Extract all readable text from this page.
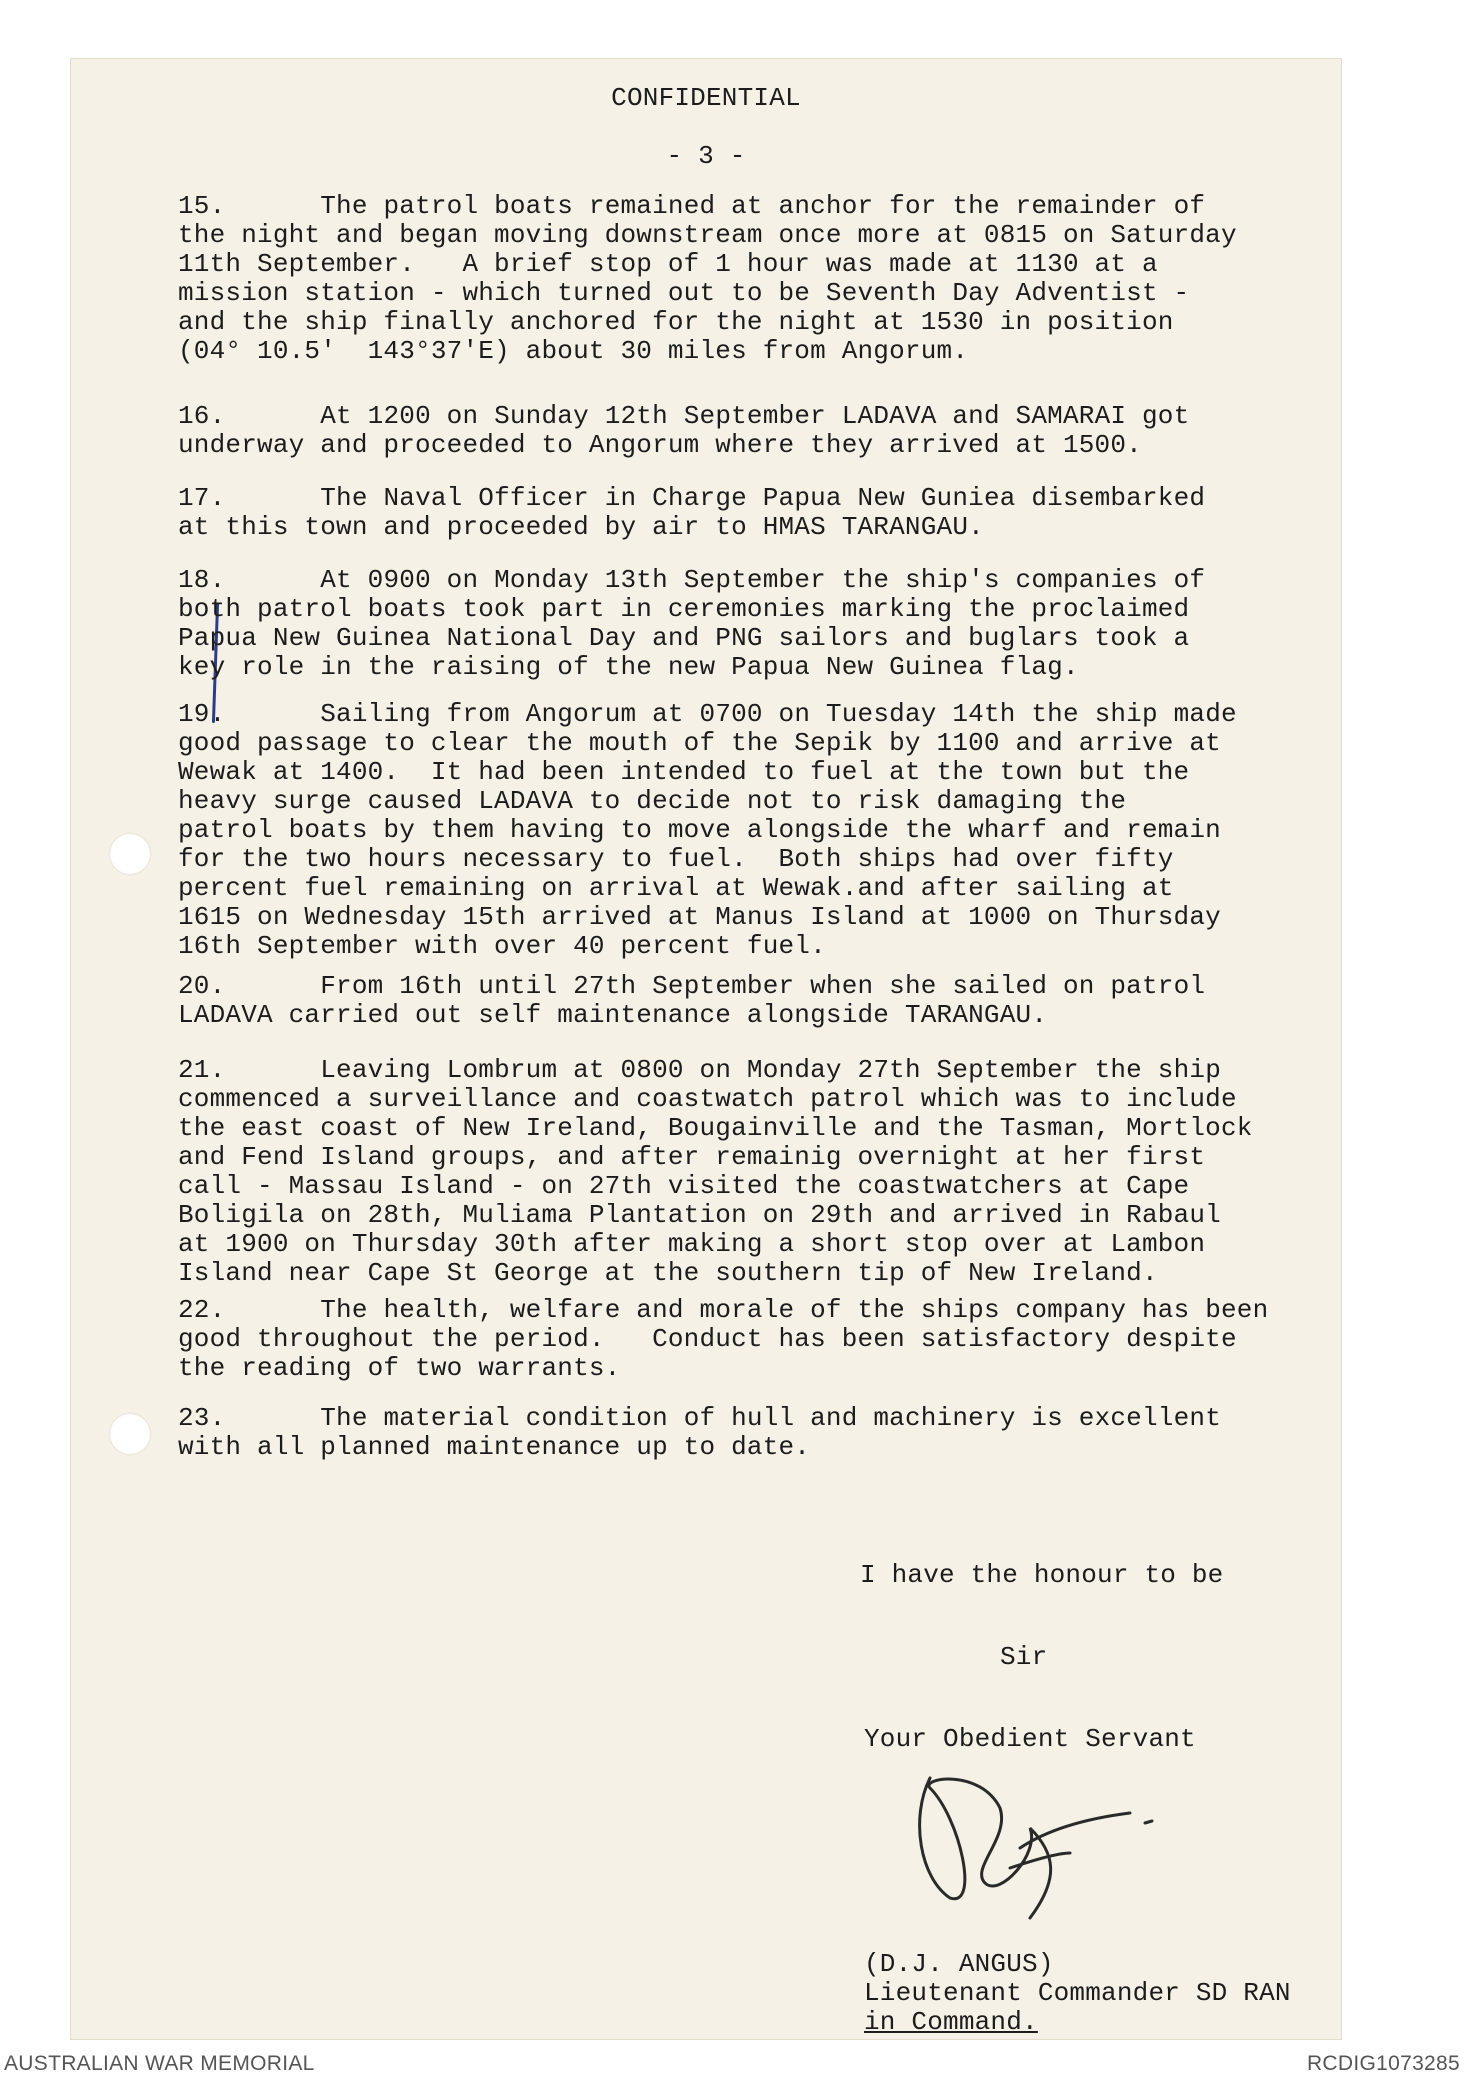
CONFIDENTIAL

- 3 -

15.	The patrol boats remained at anchor for the remainder of
the night and began moving downstream once more at 0815 on Saturday
11th September.   A brief stop of 1 hour was made at 1130 at a
mission station - which turned out to be Seventh Day Adventist -
and the ship finally anchored for the night at 1530 in position
(04° 10.5'  143°37'E) about 30 miles from Angorum.
16.	At 1200 on Sunday 12th September LADAVA and SAMARAI got
underway and proceeded to Angorum where they arrived at 1500.
17.	The Naval Officer in Charge Papua New Guniea disembarked
at this town and proceeded by air to HMAS TARANGAU.
18.	At 0900 on Monday 13th September the ship's companies of
both patrol boats took part in ceremonies marking the proclaimed
Papua New Guinea National Day and PNG sailors and buglars took a
key role in the raising of the new Papua New Guinea flag.
19.	Sailing from Angorum at 0700 on Tuesday 14th the ship made
good passage to clear the mouth of the Sepik by 1100 and arrive at
Wewak at 1400.  It had been intended to fuel at the town but the
heavy surge caused LADAVA to decide not to risk damaging the
patrol boats by them having to move alongside the wharf and remain
for the two hours necessary to fuel.  Both ships had over fifty
percent fuel remaining on arrival at Wewak.and after sailing at
1615 on Wednesday 15th arrived at Manus Island at 1000 on Thursday
16th September with over 40 percent fuel.
20.	From 16th until 27th September when she sailed on patrol
LADAVA carried out self maintenance alongside TARANGAU.
21.	Leaving Lombrum at 0800 on Monday 27th September the ship
commenced a surveillance and coastwatch patrol which was to include
the east coast of New Ireland, Bougainville and the Tasman, Mortlock
and Fend Island groups, and after remainig overnight at her first
call - Massau Island - on 27th visited the coastwatchers at Cape
Boligila on 28th, Muliama Plantation on 29th and arrived in Rabaul
at 1900 on Thursday 30th after making a short stop over at Lambon
Island near Cape St George at the southern tip of New Ireland.
22.	The health, welfare and morale of the ships company has been
good throughout the period.   Conduct has been satisfactory despite
the reading of two warrants.
23.	The material condition of hull and machinery is excellent
with all planned maintenance up to date.

I have the honour to be

Sir

Your Obedient Servant

(D.J. ANGUS)

Lieutenant Commander SD RAN

in Command.

AUSTRALIAN WAR MEMORIAL	RCDIG1073285
